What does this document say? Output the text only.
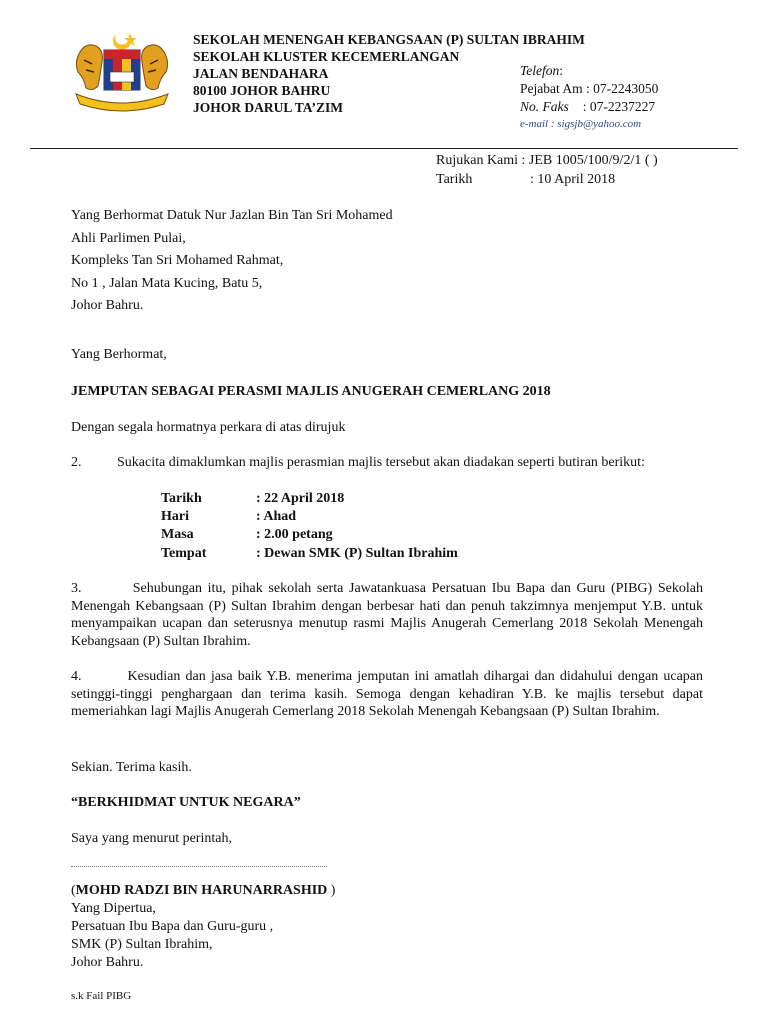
SEKOLAH MENENGAH KEBANGSAAN (P) SULTAN IBRAHIM
SEKOLAH KLUSTER KECEMERLANGAN
JALAN BENDAHARA
80100 JOHOR BAHRU
JOHOR DARUL TA’ZIM
Telefon:
Pejabat Am : 07-2243050
No. Faks : 07-2237227
e-mail : sigsjb@yahoo.com
Rujukan Kami : JEB 1005/100/9/2/1 ( )
Tarikh	: 10 April 2018
Yang Berhormat Datuk Nur Jazlan Bin Tan Sri Mohamed
Ahli Parlimen Pulai,
Kompleks Tan Sri Mohamed Rahmat,
No 1 , Jalan Mata Kucing, Batu 5,
Johor Bahru.
Yang Berhormat,
JEMPUTAN SEBAGAI PERASMI MAJLIS ANUGERAH CEMERLANG 2018
Dengan segala hormatnya perkara di atas dirujuk
2.	Sukacita dimaklumkan majlis perasmian majlis tersebut akan diadakan seperti butiran berikut:
Tarikh	: 22 April 2018
Hari	: Ahad
Masa	: 2.00 petang
Tempat	: Dewan SMK (P) Sultan Ibrahim
3.         Sehubungan itu, pihak sekolah serta Jawatankuasa Persatuan Ibu Bapa dan Guru (PIBG) Sekolah Menengah Kebangsaan (P) Sultan Ibrahim dengan berbesar hati dan penuh takzimnya menjemput Y.B. untuk menyampaikan ucapan dan seterusnya menutup rasmi Majlis Anugerah Cemerlang 2018 Sekolah Menengah Kebangsaan (P) Sultan Ibrahim.
4.         Kesudian dan jasa baik Y.B. menerima jemputan ini amatlah dihargai dan didahului dengan ucapan setinggi-tinggi penghargaan dan terima kasih. Semoga dengan kehadiran Y.B. ke majlis tersebut dapat memeriahkan lagi Majlis Anugerah Cemerlang 2018 Sekolah Menengah Kebangsaan (P) Sultan Ibrahim.
Sekian. Terima kasih.
“BERKHIDMAT UNTUK NEGARA”
Saya yang menurut perintah,
(MOHD RADZI BIN HARUNARRASHID )
Yang Dipertua,
Persatuan Ibu Bapa dan Guru-guru ,
SMK (P) Sultan Ibrahim,
Johor Bahru.
s.k Fail PIBG
